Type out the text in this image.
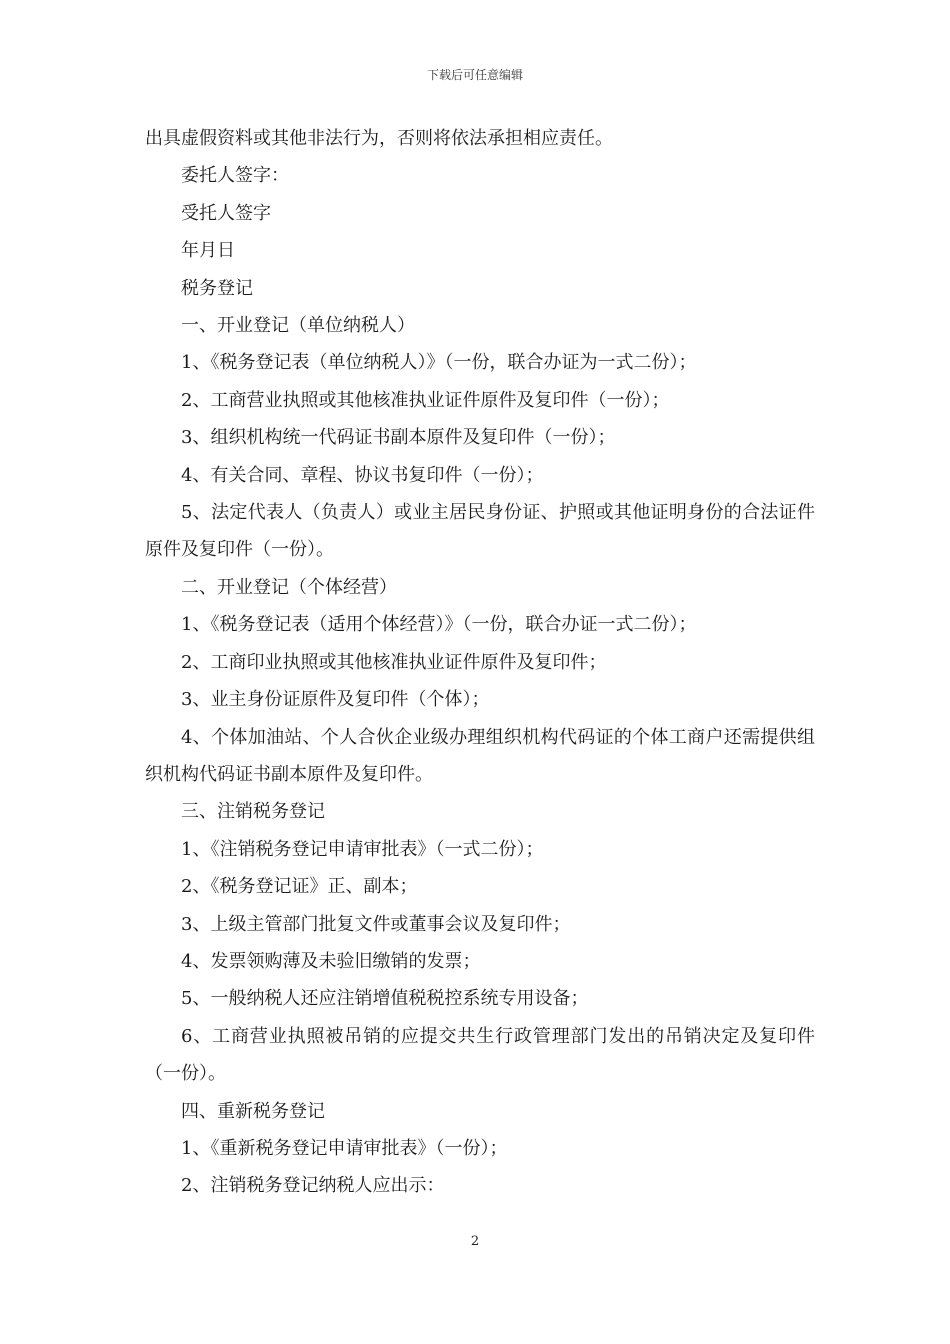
下载后可任意编辑

出具虚假资料或其他非法行为，否则将依法承担相应责任。

委托人签字：

受托人签字

年月日

税务登记

一、开业登记（单位纳税人）

1、《税务登记表（单位纳税人）》（一份，联合办证为一式二份）；

2、工商营业执照或其他核准执业证件原件及复印件（一份）；

3、组织机构统一代码证书副本原件及复印件（一份）；

4、有关合同、章程、协议书复印件（一份）；

5、法定代表人（负责人）或业主居民身份证、护照或其他证明身份的合法证件原件及复印件（一份）。

二、开业登记（个体经营）

1、《税务登记表（适用个体经营）》（一份，联合办证一式二份）；

2、工商印业执照或其他核准执业证件原件及复印件；

3、业主身份证原件及复印件（个体）；

4、个体加油站、个人合伙企业级办理组织机构代码证的个体工商户还需提供组织机构代码证书副本原件及复印件。

三、注销税务登记

1、《注销税务登记申请审批表》（一式二份）；

2、《税务登记证》正、副本；

3、上级主管部门批复文件或董事会议及复印件；

4、发票领购薄及未验旧缴销的发票；

5、一般纳税人还应注销增值税税控系统专用设备；

6、工商营业执照被吊销的应提交共生行政管理部门发出的吊销决定及复印件（一份）。

四、重新税务登记

1、《重新税务登记申请审批表》（一份）；

2、注销税务登记纳税人应出示：

2
